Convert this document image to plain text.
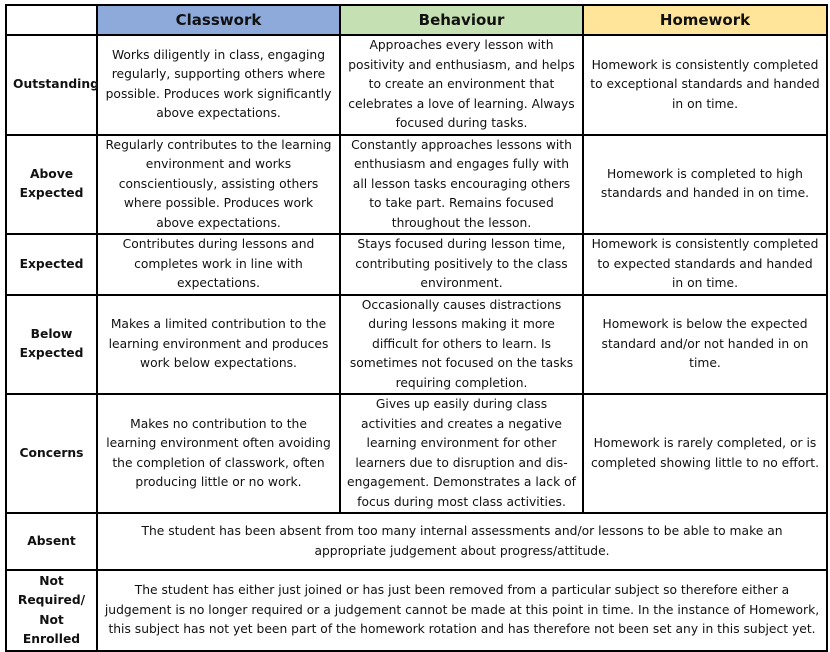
	Classwork	Behaviour	Homework
Outstanding	Works diligently in class, engaging regularly, supporting others where possible. Produces work significantly above expectations.	Approaches every lesson with positivity and enthusiasm, and helps to create an environment that celebrates a love of learning. Always focused during tasks.	Homework is consistently completed to exceptional standards and handed in on time.
Above Expected	Regularly contributes to the learning environment and works conscientiously, assisting others where possible. Produces work above expectations.	Constantly approaches lessons with enthusiasm and engages fully with all lesson tasks encouraging others to take part. Remains focused throughout the lesson.	Homework is completed to high standards and handed in on time.
Expected	Contributes during lessons and completes work in line with expectations.	Stays focused during lesson time, contributing positively to the class environment.	Homework is consistently completed to expected standards and handed in on time.
Below Expected	Makes a limited contribution to the learning environment and produces work below expectations.	Occasionally causes distractions during lessons making it more difficult for others to learn. Is sometimes not focused on the tasks requiring completion.	Homework is below the expected standard and/or not handed in on time.
Concerns	Makes no contribution to the learning environment often avoiding the completion of classwork, often producing little or no work.	Gives up easily during class activities and creates a negative learning environment for other learners due to disruption and dis-engagement. Demonstrates a lack of focus during most class activities.	Homework is rarely completed, or is completed showing little to no effort.
Absent	The student has been absent from too many internal assessments and/or lessons to be able to make an appropriate judgement about progress/attitude.		
Not Required/ Not Enrolled	The student has either just joined or has just been removed from a particular subject so therefore either a judgement is no longer required or a judgement cannot be made at this point in time. In the instance of Homework, this subject has not yet been part of the homework rotation and has therefore not been set any in this subject yet.		
